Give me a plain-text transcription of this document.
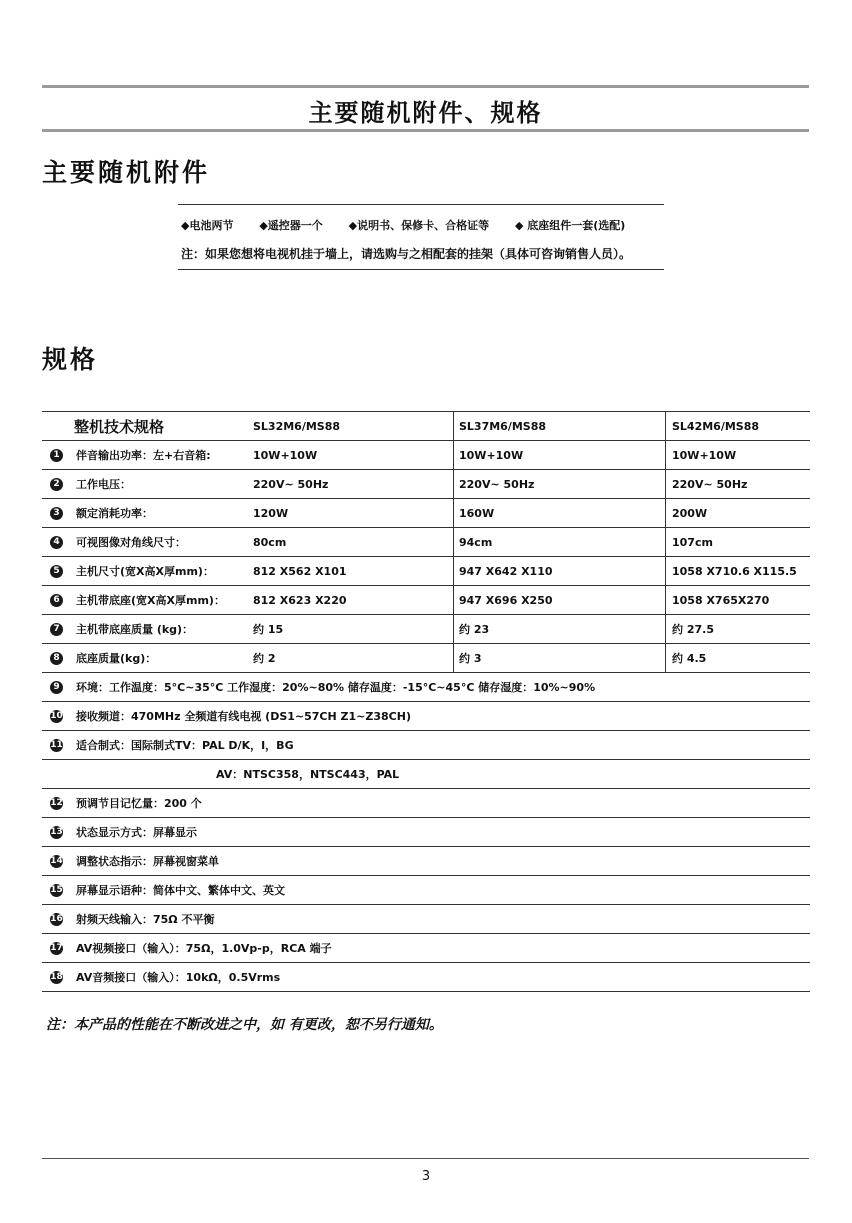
主要随机附件、规格
主要随机附件
◆电池两节 ◆遥控器一个 ◆说明书、保修卡、合格证等 ◆ 底座组件一套(选配)
注：如果您想将电视机挂于墙上，请选购与之相配套的挂架（具体可咨询销售人员）。
规格
整机技术规格		SL32M6/MS88	SL37M6/MS88	SL42M6/MS88
1	伴音输出功率：左+右音箱:	10W+10W	10W+10W	10W+10W
2	工作电压：	220V~ 50Hz	220V~ 50Hz	220V~ 50Hz
3	额定消耗功率：	120W	160W	200W
4	可视图像对角线尺寸：	80cm	94cm	107cm
5	主机尺寸(宽X高X厚mm)：	812 X562 X101	947 X642 X110	1058 X710.6 X115.5
6	主机带底座(宽X高X厚mm)：	812 X623 X220	947 X696 X250	1058 X765X270
7	主机带底座质量 (kg)：	约 15	约 23	约 27.5
8	底座质量(kg)：	约 2	约 3	约 4.5
9	环境：工作温度：5°C~35°C 工作湿度：20%~80% 储存温度：-15°C~45°C 储存湿度：10%~90%			
10	接收频道：470MHz 全频道有线电视 (DS1~57CH Z1~Z38CH)			
11	适合制式：国际制式TV：PAL D/K，I，BG			
	AV：NTSC358，NTSC443，PAL			
12	预调节目记忆量：200 个			
13	状态显示方式：屏幕显示			
14	调整状态指示：屏幕视窗菜单			
15	屏幕显示语种：简体中文、繁体中文、英文			
16	射频天线输入：75Ω 不平衡			
17	AV视频接口（输入）：75Ω，1.0Vp-p，RCA 端子			
18	AV音频接口（输入）：10kΩ，0.5Vrms			
注：本产品的性能在不断改进之中，如 有更改，恕不另行通知。
3
